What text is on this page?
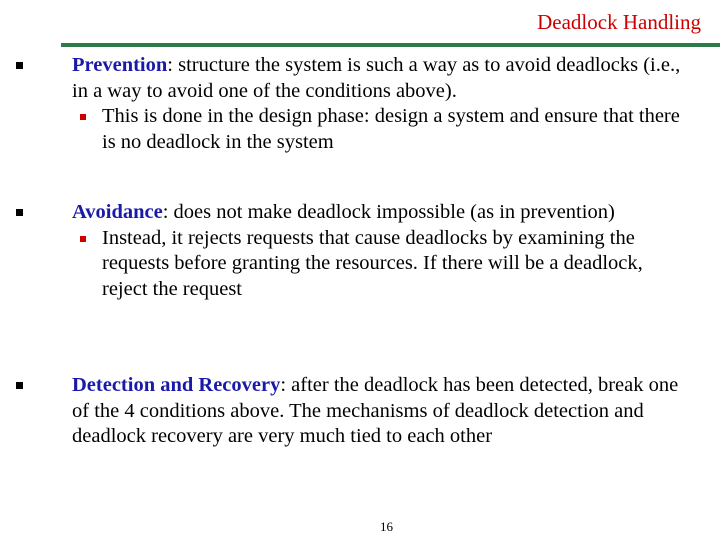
Deadlock Handling
Prevention: structure the system is such a way as to avoid deadlocks (i.e., in a way to avoid one of the conditions above).
This is done in the design phase: design a system and ensure that there is no deadlock in the system
Avoidance: does not make deadlock impossible (as in prevention)
Instead, it rejects requests that cause deadlocks by examining the requests before granting the resources. If there will be a deadlock, reject the request
Detection and Recovery: after the deadlock has been detected, break one of the 4 conditions above. The mechanisms of deadlock detection and deadlock recovery are very much tied to each other
16
